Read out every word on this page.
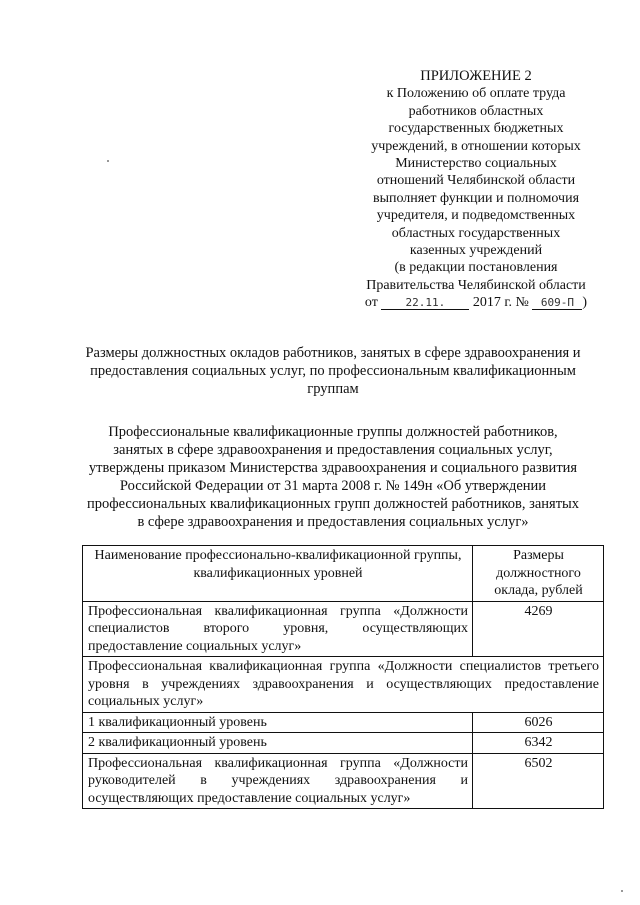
ПРИЛОЖЕНИЕ 2
к Положению об оплате труда
работников областных
государственных бюджетных
учреждений, в отношении которых
Министерство социальных
отношений Челябинской области
выполняет функции и полномочия
учредителя, и подведомственных
областных государственных
казенных учреждений
(в редакции постановления
Правительства Челябинской области
от	22.11. 2017 г. № 609-П )
Размеры должностных окладов работников, занятых в сфере здравоохранения и
предоставления социальных услуг, по профессиональным квалификационным
группам
Профессиональные квалификационные группы должностей работников,
занятых в сфере здравоохранения и предоставления социальных услуг,
утверждены приказом Министерства здравоохранения и социального развития
Российской Федерации от 31 марта 2008 г. № 149н «Об утверждении
профессиональных квалификационных групп должностей работников, занятых
в сфере здравоохранения и предоставления социальных услуг»
Наименование профессионально-квалификационной группы, квалификационных уровней	Размеры должностного оклада, рублей
Профессиональная квалификационная группа «Должности специалистов второго уровня, осуществляющих предоставление социальных услуг»	4269
Профессиональная квалификационная группа «Должности специалистов третьего уровня в учреждениях здравоохранения и осуществляющих предоставление социальных услуг»	
1 квалификационный уровень	6026
2 квалификационный уровень	6342
Профессиональная квалификационная группа «Должности руководителей в учреждениях здравоохранения и осуществляющих предоставление социальных услуг»	6502
